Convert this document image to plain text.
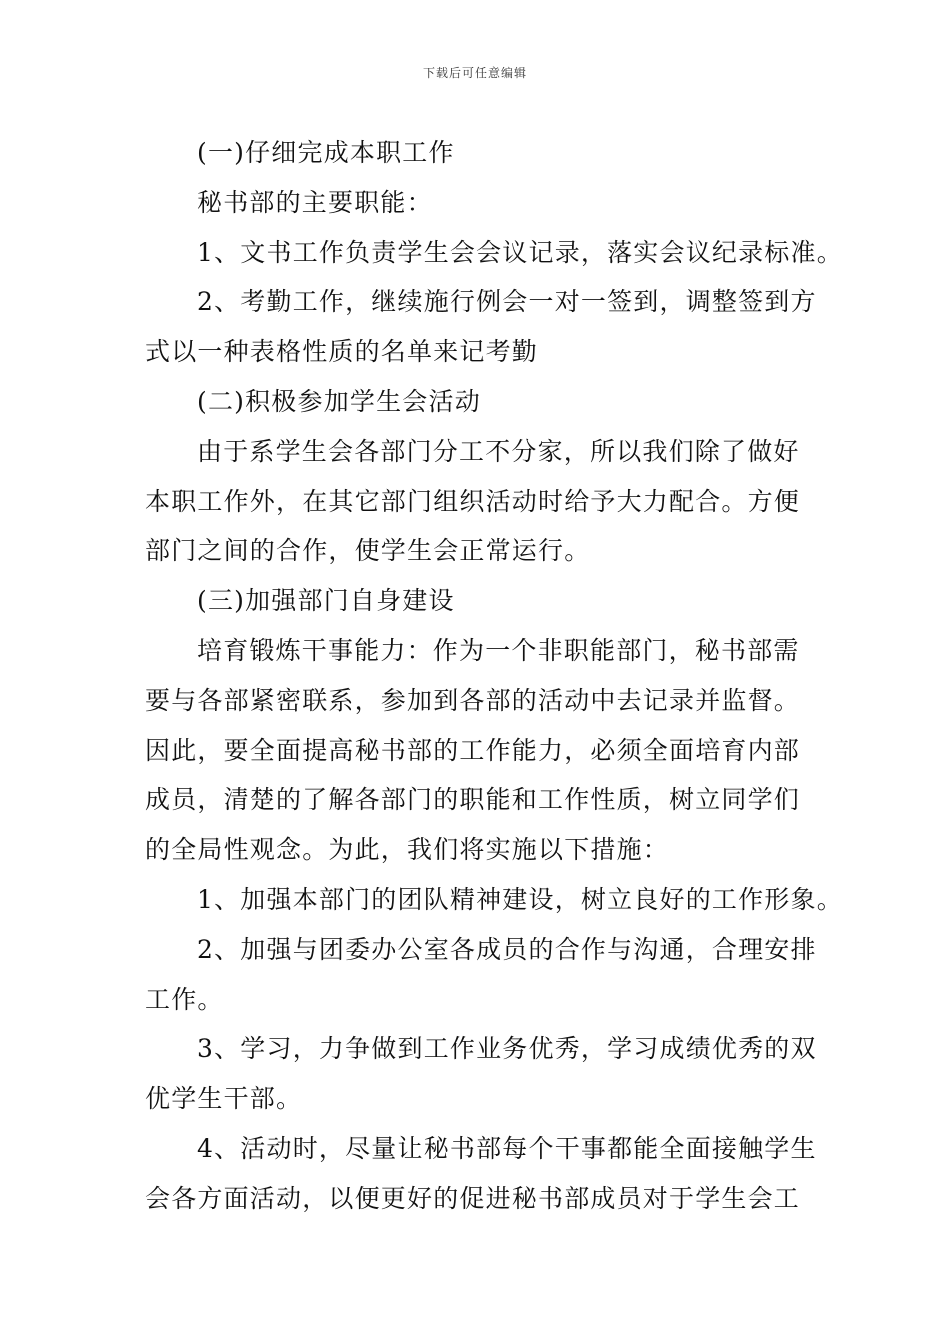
下载后可任意编辑
(一)仔细完成本职工作
秘书部的主要职能：
1、文书工作负责学生会会议记录，落实会议纪录标准。
2、考勤工作，继续施行例会一对一签到，调整签到方
式以一种表格性质的名单来记考勤
(二)积极参加学生会活动
由于系学生会各部门分工不分家，所以我们除了做好
本职工作外，在其它部门组织活动时给予大力配合。方便
部门之间的合作，使学生会正常运行。
(三)加强部门自身建设
培育锻炼干事能力：作为一个非职能部门，秘书部需
要与各部紧密联系，参加到各部的活动中去记录并监督。
因此，要全面提高秘书部的工作能力，必须全面培育内部
成员，清楚的了解各部门的职能和工作性质，树立同学们
的全局性观念。为此，我们将实施以下措施：
1、加强本部门的团队精神建设，树立良好的工作形象。
2、加强与团委办公室各成员的合作与沟通，合理安排
工作。
3、学习，力争做到工作业务优秀，学习成绩优秀的双
优学生干部。
4、活动时，尽量让秘书部每个干事都能全面接触学生
会各方面活动，以便更好的促进秘书部成员对于学生会工
